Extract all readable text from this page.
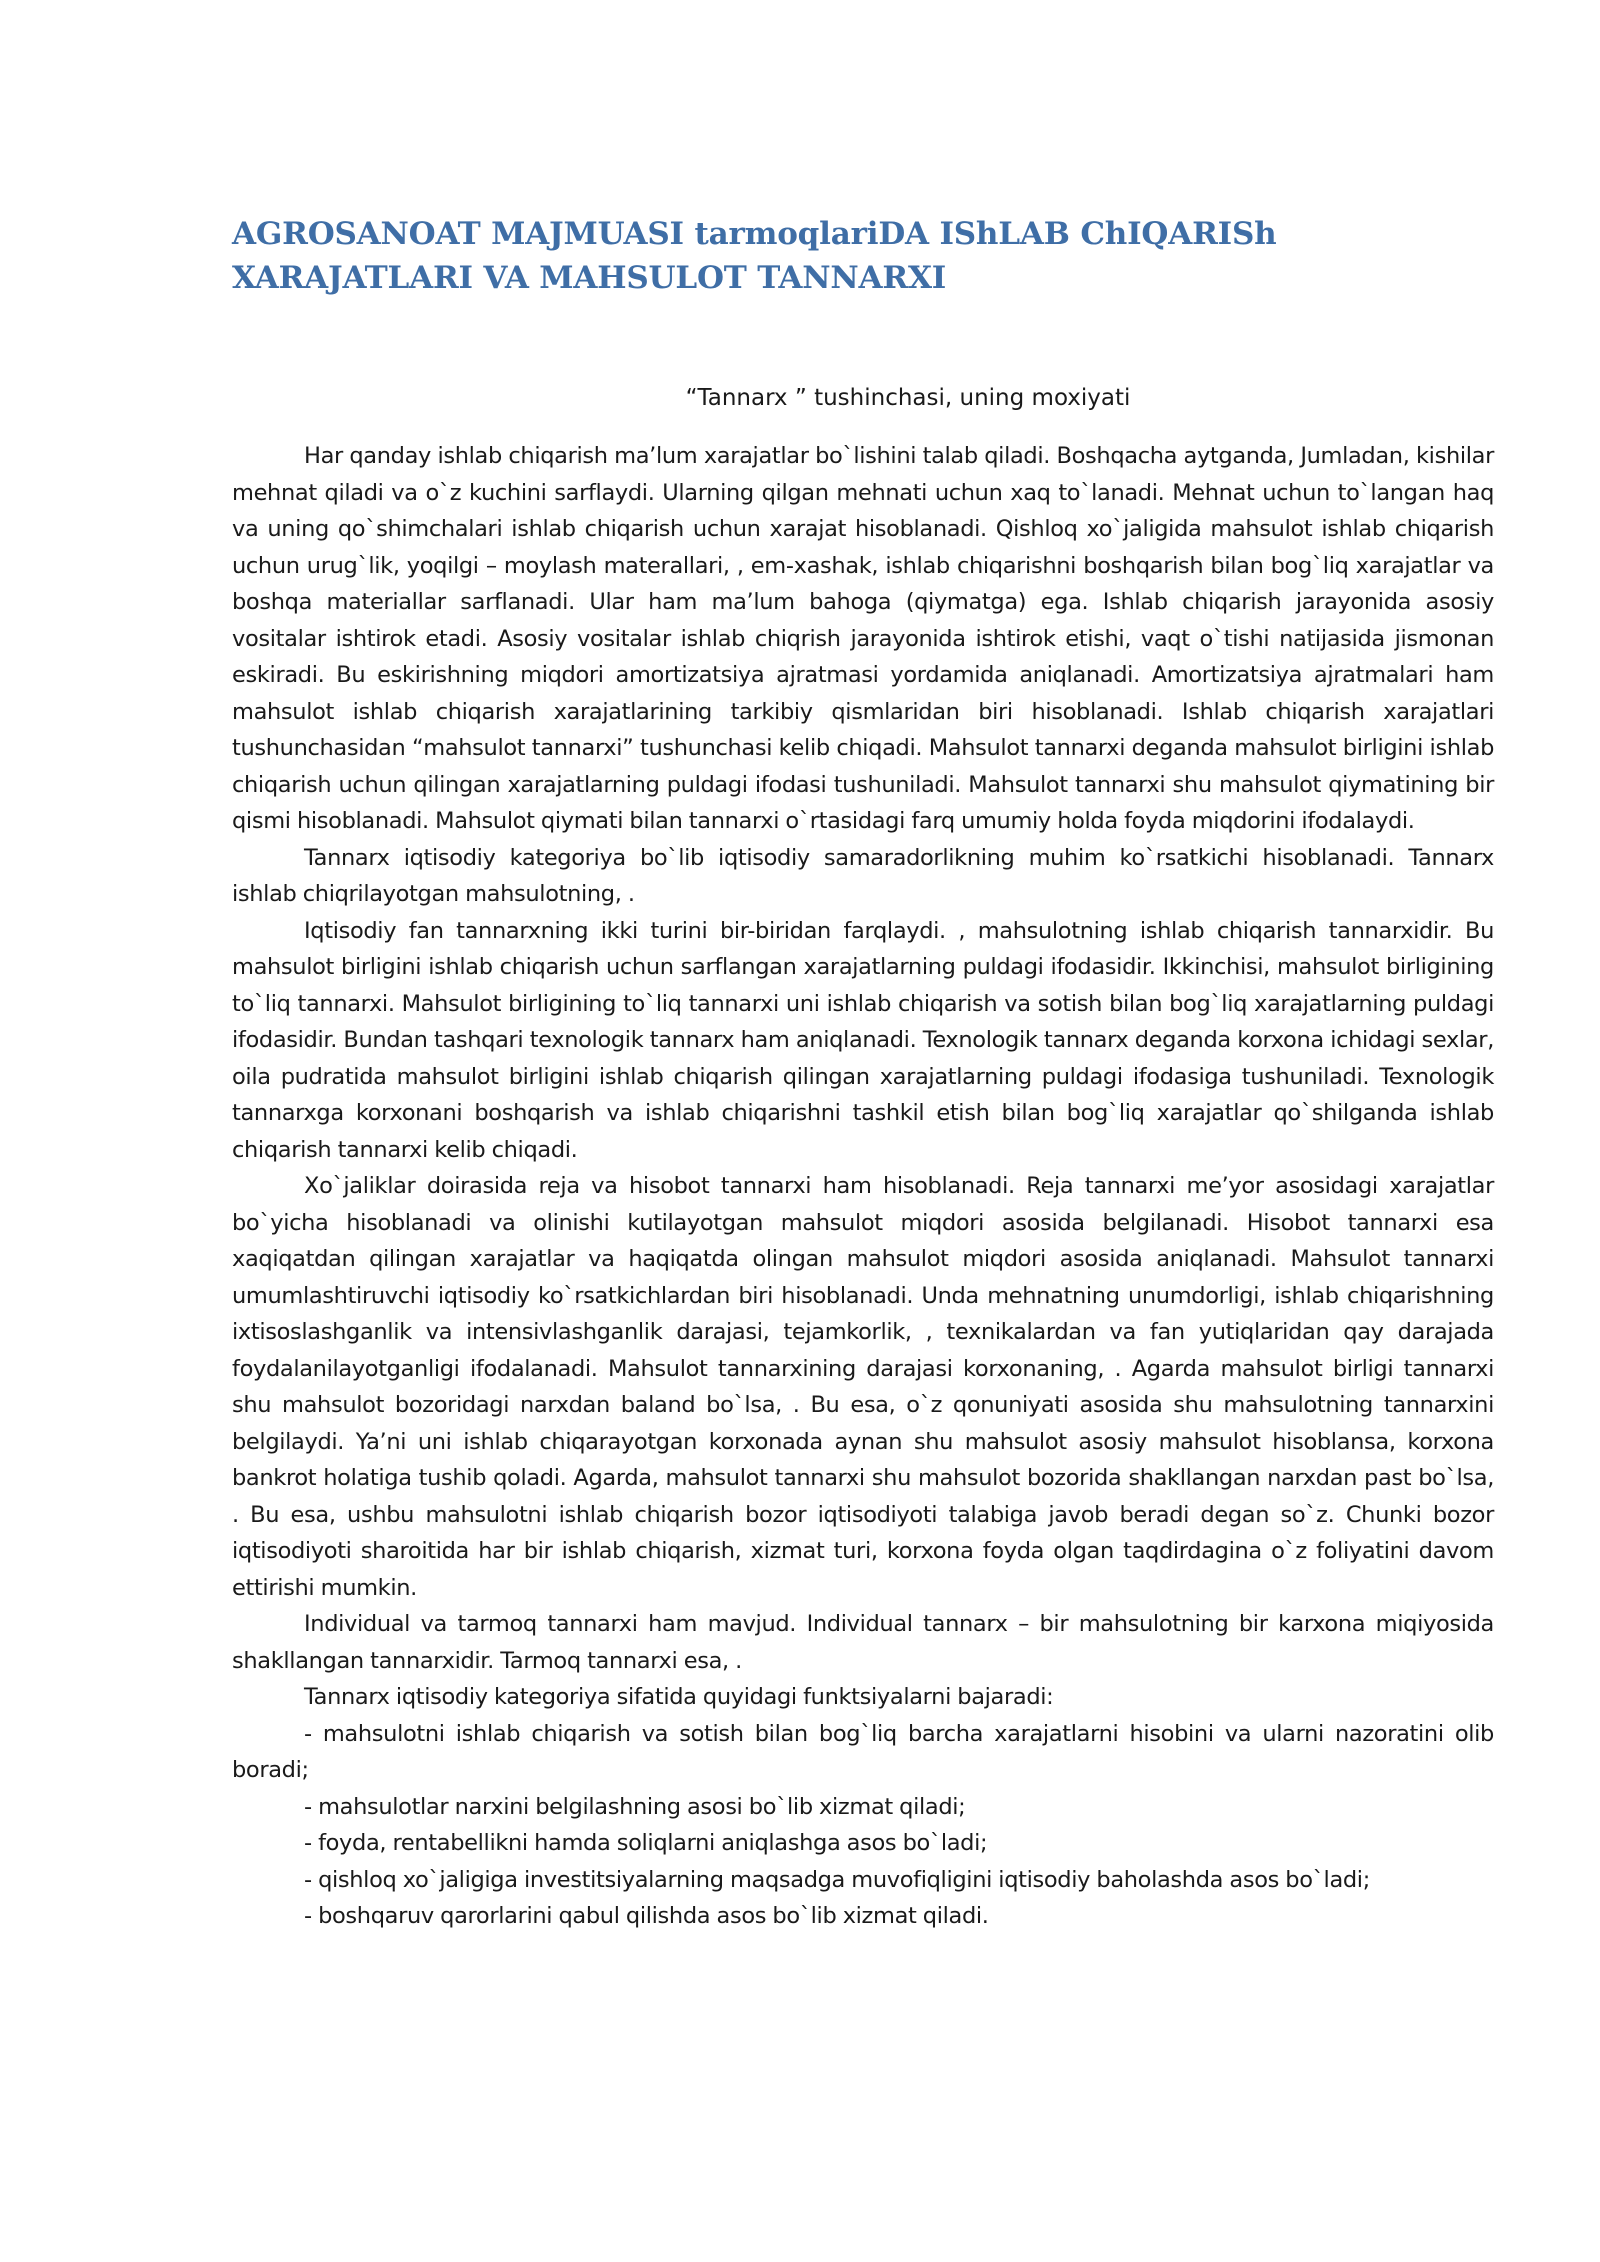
AGROSANOAT MAJMUASI tarmoqlariDA IShLAB ChIQARISh XARAJATLARI VA MAHSULOT TANNARXI
“Tannarx ” tushinchasi, uning moxiyati

Har qanday ishlab chiqarish ma’lum xarajatlar bo`lishini talab qiladi. Boshqacha aytganda, Jumladan, kishilar mehnat qiladi va o`z kuchini sarflaydi. Ularning qilgan mehnati uchun xaq to`lanadi. Mehnat uchun to`langan haq va uning qo`shimchalari ishlab chiqarish uchun xarajat hisoblanadi. Qishloq xo`jaligida mahsulot ishlab chiqarish uchun urug`lik, yoqilgi – moylash materallari, , em-xashak, ishlab chiqarishni boshqarish bilan bog`liq xarajatlar va boshqa materiallar sarflanadi. Ular ham ma’lum bahoga (qiymatga) ega. Ishlab chiqarish jarayonida asosiy vositalar ishtirok etadi. Asosiy vositalar ishlab chiqrish jarayonida ishtirok etishi, vaqt o`tishi natijasida jismonan eskiradi. Bu eskirishning miqdori amortizatsiya ajratmasi yordamida aniqlanadi. Amortizatsiya ajratmalari ham mahsulot ishlab chiqarish xarajatlarining tarkibiy qismlaridan biri hisoblanadi. Ishlab chiqarish xarajatlari tushunchasidan “mahsulot tannarxi” tushunchasi kelib chiqadi. Mahsulot tannarxi deganda mahsulot birligini ishlab chiqarish uchun qilingan xarajatlarning puldagi ifodasi tushuniladi. Mahsulot tannarxi shu mahsulot qiymatining bir qismi hisoblanadi. Mahsulot qiymati bilan tannarxi o`rtasidagi farq umumiy holda foyda miqdorini ifodalaydi.

Tannarx iqtisodiy kategoriya bo`lib iqtisodiy samaradorlikning muhim ko`rsatkichi hisoblanadi. Tannarx ishlab chiqrilayotgan mahsulotning, .

Iqtisodiy fan tannarxning ikki turini bir-biridan farqlaydi. , mahsulotning ishlab chiqarish tannarxidir. Bu mahsulot birligini ishlab chiqarish uchun sarflangan xarajatlarning puldagi ifodasidir. Ikkinchisi, mahsulot birligining to`liq tannarxi. Mahsulot birligining to`liq tannarxi uni ishlab chiqarish va sotish bilan bog`liq xarajatlarning puldagi ifodasidir. Bundan tashqari texnologik tannarx ham aniqlanadi. Texnologik tannarx deganda korxona ichidagi sexlar, oila pudratida mahsulot birligini ishlab chiqarish qilingan xarajatlarning puldagi ifodasiga tushuniladi. Texnologik tannarxga korxonani boshqarish va ishlab chiqarishni tashkil etish bilan bog`liq xarajatlar qo`shilganda ishlab chiqarish tannarxi kelib chiqadi.

Xo`jaliklar doirasida reja va hisobot tannarxi ham hisoblanadi. Reja tannarxi me’yor asosidagi xarajatlar bo`yicha hisoblanadi va olinishi kutilayotgan mahsulot miqdori asosida belgilanadi. Hisobot tannarxi esa xaqiqatdan qilingan xarajatlar va haqiqatda olingan mahsulot miqdori asosida aniqlanadi. Mahsulot tannarxi umumlashtiruvchi iqtisodiy ko`rsatkichlardan biri hisoblanadi. Unda mehnatning unumdorligi, ishlab chiqarishning ixtisoslashganlik va intensivlashganlik darajasi, tejamkorlik, , texnikalardan va fan yutiqlaridan qay darajada foydalanilayotganligi ifodalanadi. Mahsulot tannarxining darajasi korxonaning, . Agarda mahsulot birligi tannarxi shu mahsulot bozoridagi narxdan baland bo`lsa, . Bu esa, o`z qonuniyati asosida shu mahsulotning tannarxini belgilaydi. Ya’ni uni ishlab chiqarayotgan korxonada aynan shu mahsulot asosiy mahsulot hisoblansa, korxona bankrot holatiga tushib qoladi. Agarda, mahsulot tannarxi shu mahsulot bozorida shakllangan narxdan past bo`lsa, . Bu esa, ushbu mahsulotni ishlab chiqarish bozor iqtisodiyoti talabiga javob beradi degan so`z. Chunki bozor iqtisodiyoti sharoitida har bir ishlab chiqarish, xizmat turi, korxona foyda olgan taqdirdagina o`z foliyatini davom ettirishi mumkin.

Individual va tarmoq tannarxi ham mavjud. Individual tannarx – bir mahsulotning bir karxona miqiyosida shakllangan tannarxidir. Tarmoq tannarxi esa, .

Tannarx iqtisodiy kategoriya sifatida quyidagi funktsiyalarni bajaradi:

- mahsulotni ishlab chiqarish va sotish bilan bog`liq barcha xarajatlarni hisobini va ularni nazoratini olib boradi;

- mahsulotlar narxini belgilashning asosi bo`lib xizmat qiladi;

- foyda, rentabellikni hamda soliqlarni aniqlashga asos bo`ladi;

- qishloq xo`jaligiga investitsiyalarning maqsadga muvofiqligini iqtisodiy baholashda asos bo`ladi;

- boshqaruv qarorlarini qabul qilishda asos bo`lib xizmat qiladi.
